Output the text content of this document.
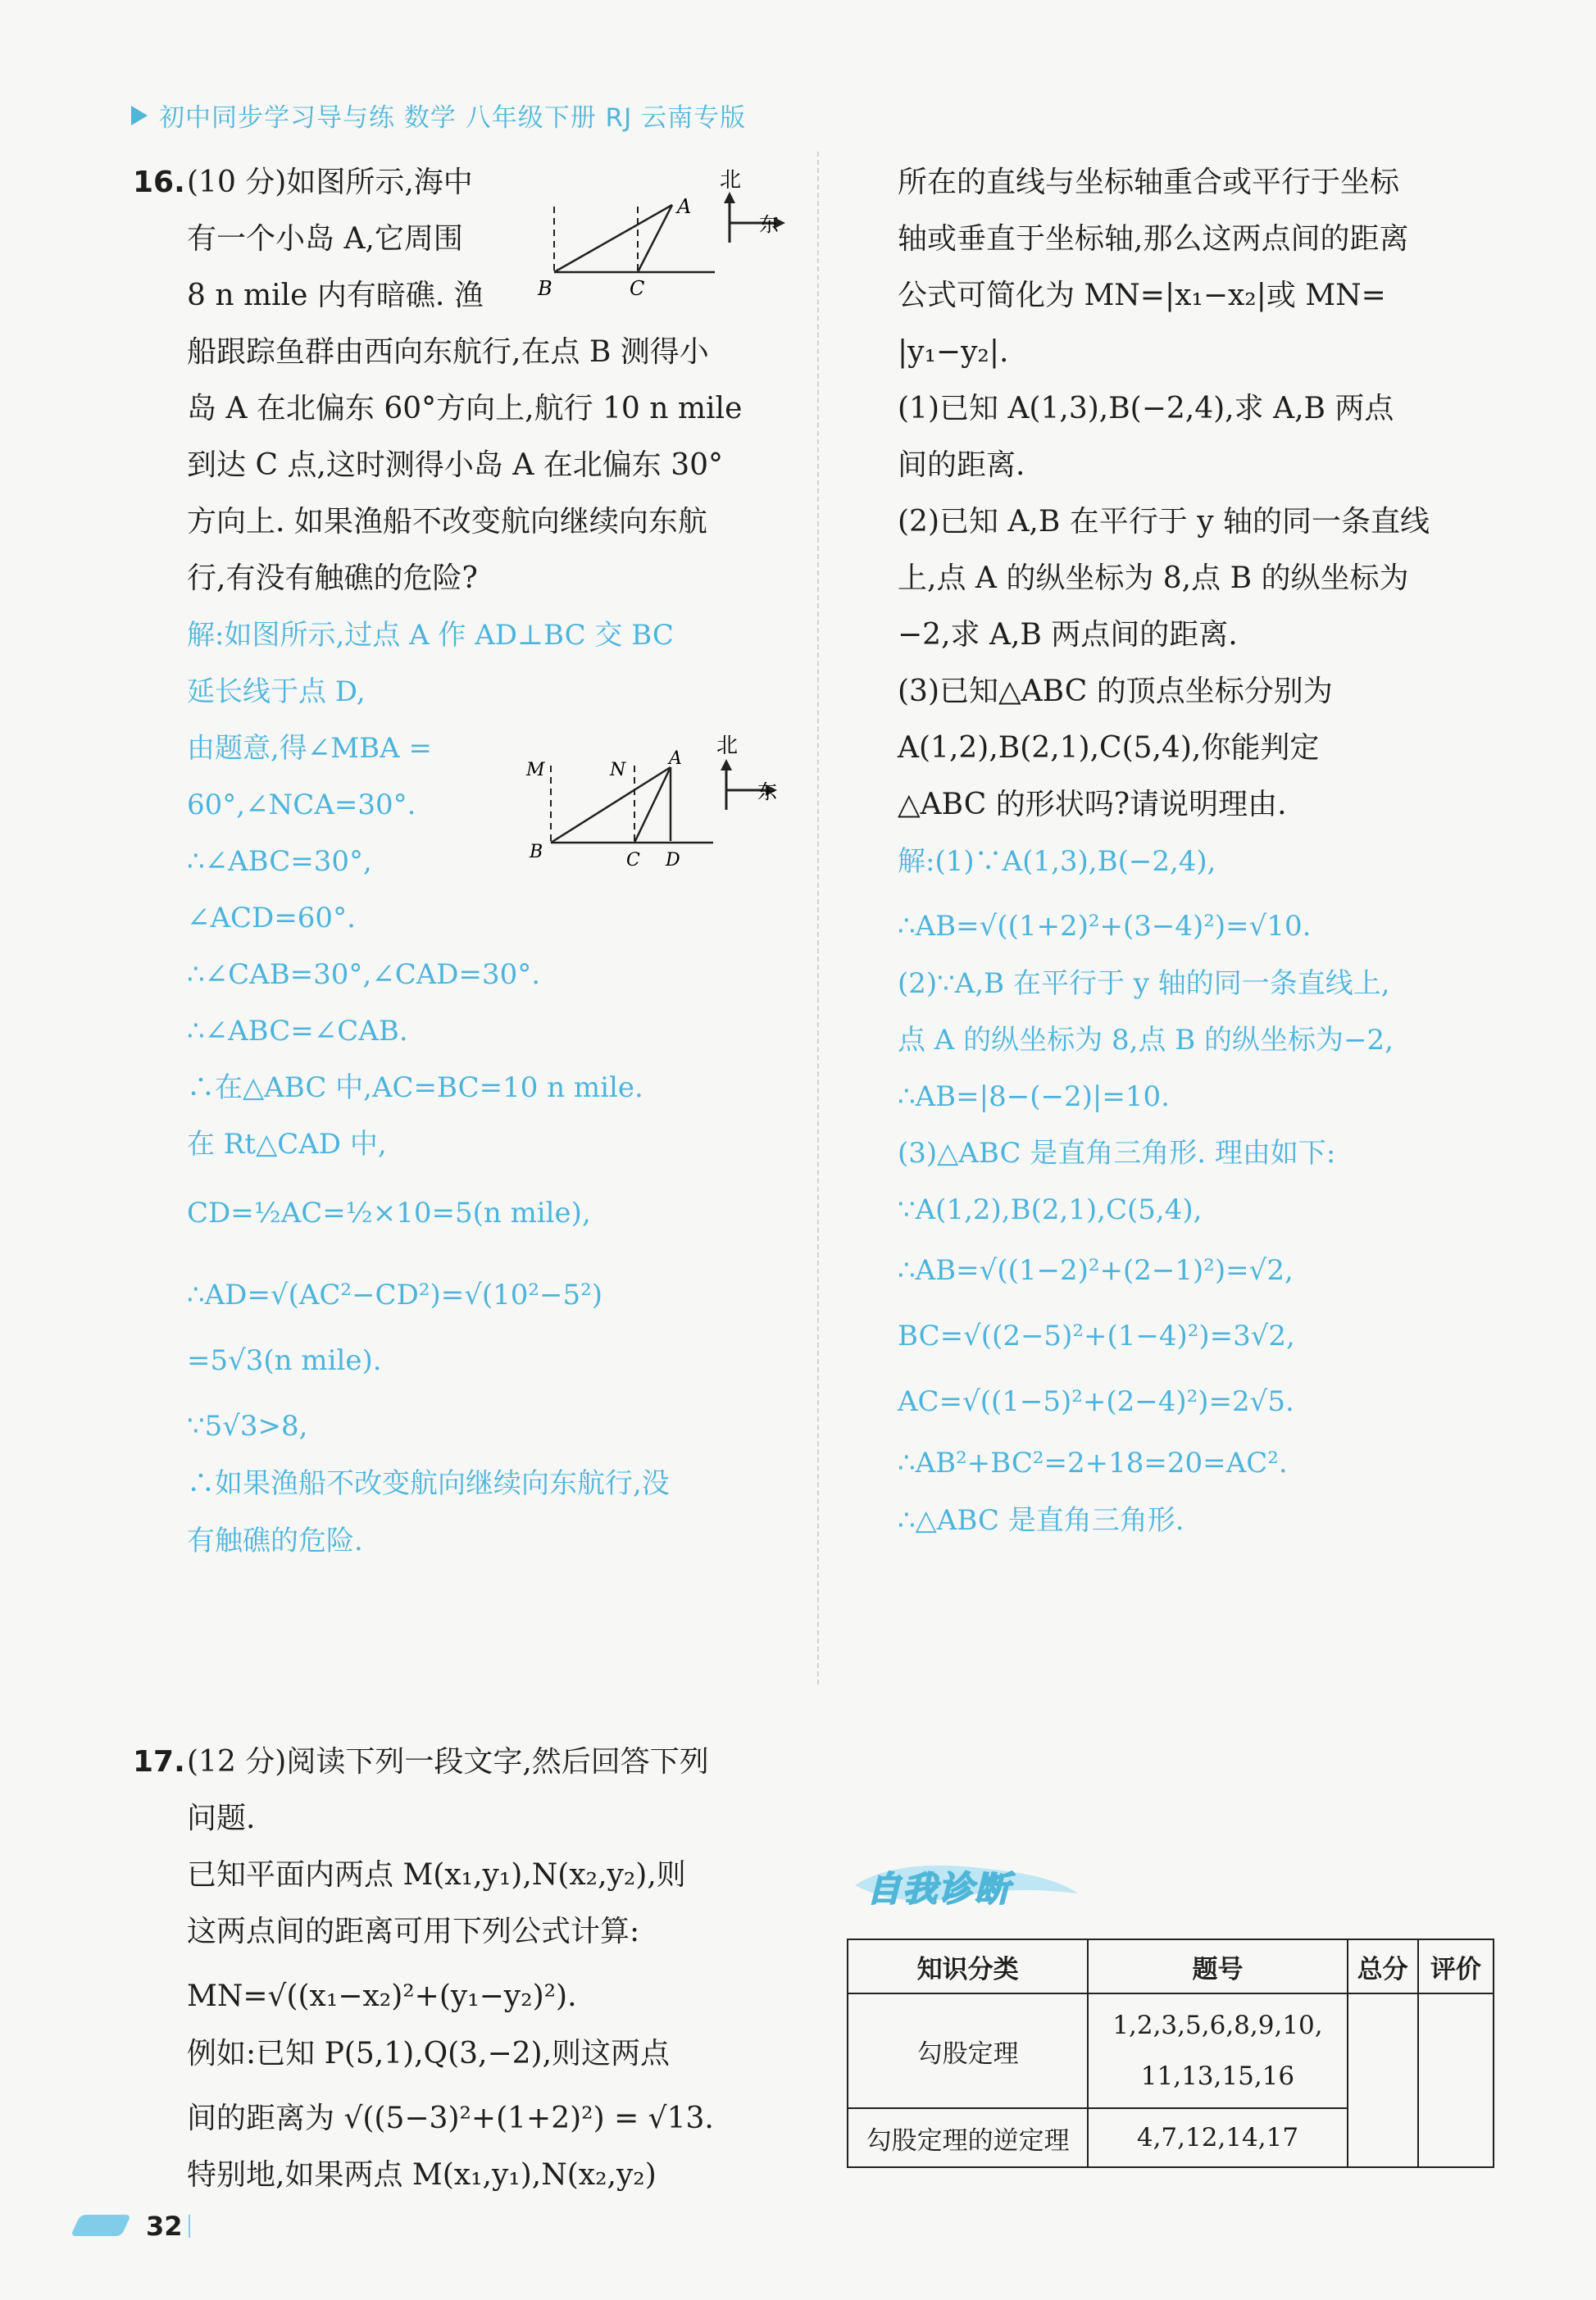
初中同步学习导与练 数学 八年级下册 RJ 云南专版
16. (10 分)如图所示,海中
有一个小岛 A,它周围
8 n mile 内有暗礁. 渔
船跟踪鱼群由西向东航行,在点 B 测得小
岛 A 在北偏东 60°方向上,航行 10 n mile
到达 C 点,这时测得小岛 A 在北偏东 30°
方向上. 如果渔船不改变航向继续向东航
行,有没有触礁的危险?
北
东
A
B	C
解:如图所示,过点 A 作 AD⊥BC 交 BC
延长线于点 D,
由题意,得∠MBA =
60°,∠NCA=30°.
∴∠ABC=30°,
∠ACD=60°.
∴∠CAB=30°,∠CAD=30°.
∴∠ABC=∠CAB.
∴在△ABC 中,AC=BC=10 n mile.
在 Rt△CAD 中,
CD=½AC=½×10=5(n mile),
∴AD=√(AC²−CD²)=√(10²−5²)
=5√3(n mile).
∵5√3>8,
∴如果渔船不改变航向继续向东航行,没
有触礁的危险.
北
东
M	N
A
B	C D
17. (12 分)阅读下列一段文字,然后回答下列
问题.
已知平面内两点 M(x₁,y₁),N(x₂,y₂),则
这两点间的距离可用下列公式计算:
MN=√((x₁−x₂)²+(y₁−y₂)²).
例如:已知 P(5,1),Q(3,−2),则这两点
间的距离为 √((5−3)²+(1+2)²) = √13.
特别地,如果两点 M(x₁,y₁),N(x₂,y₂)
所在的直线与坐标轴重合或平行于坐标
轴或垂直于坐标轴,那么这两点间的距离
公式可简化为 MN=|x₁−x₂|或 MN=
|y₁−y₂|.
(1)已知 A(1,3),B(−2,4),求 A,B 两点
间的距离.
(2)已知 A,B 在平行于 y 轴的同一条直线
上,点 A 的纵坐标为 8,点 B 的纵坐标为
−2,求 A,B 两点间的距离.
(3)已知△ABC 的顶点坐标分别为
A(1,2),B(2,1),C(5,4),你能判定
△ABC 的形状吗?请说明理由.
解:(1)∵A(1,3),B(−2,4),
∴AB=√((1+2)²+(3−4)²)=√10.
(2)∵A,B 在平行于 y 轴的同一条直线上,
点 A 的纵坐标为 8,点 B 的纵坐标为−2,
∴AB=|8−(−2)|=10.
(3)△ABC 是直角三角形. 理由如下:
∵A(1,2),B(2,1),C(5,4),
∴AB=√((1−2)²+(2−1)²)=√2,
BC=√((2−5)²+(1−4)²)=3√2,
AC=√((1−5)²+(2−4)²)=2√5.
∴AB²+BC²=2+18=20=AC².
∴△ABC 是直角三角形.
自我诊断
知识分类	题号	总分	评价
勾股定理	1,2,3,5,6,8,9,10,
11,13,15,16		

勾股定理的逆定理	4,7,12,14,17		
32
